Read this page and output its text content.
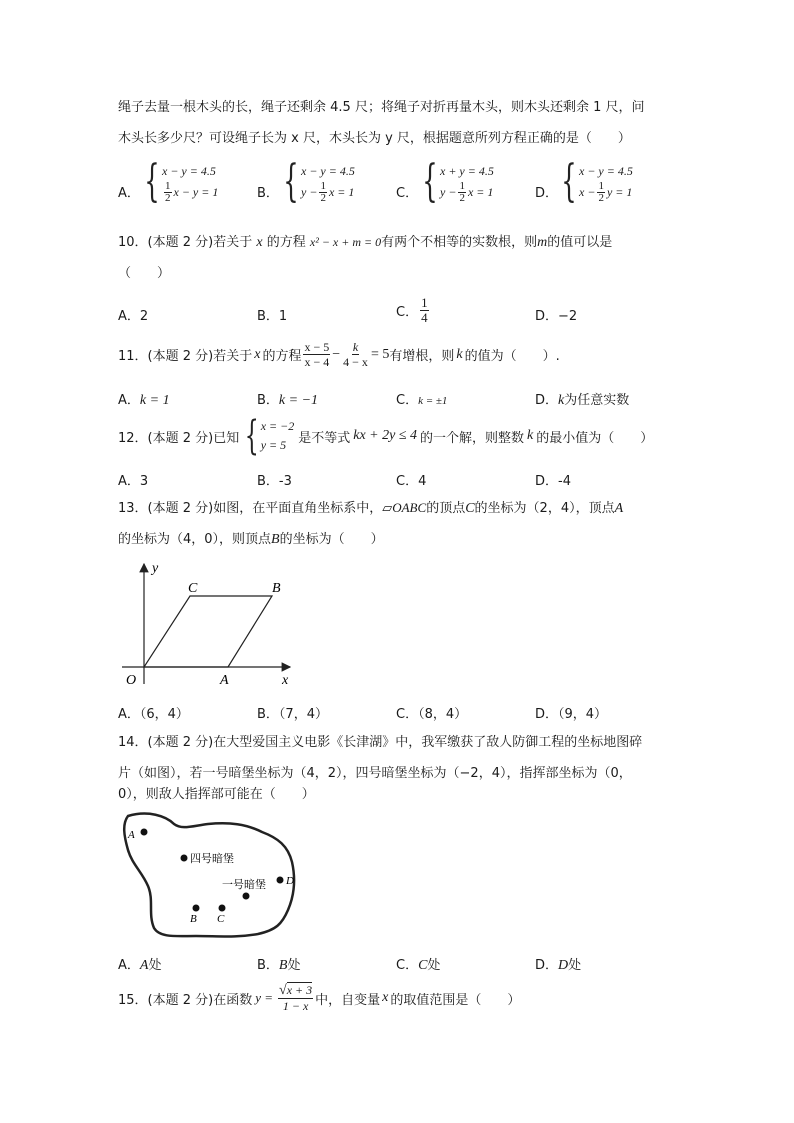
绳子去量一根木头的长，绳子还剩余 4.5 尺；将绳子对折再量木头，则木头还剩余 1 尺，问
木头长多少尺？可设绳子长为 x 尺，木头长为 y 尺，根据题意所列方程正确的是（　　）
A． { x − y = 4.5
$\frac{1}{2}$ x − y = 1	B． { x − y = 4.5
$y - \frac{1}{2}$ x = 1	C． { x + y = 4.5
$y - \frac{1}{2}$ x = 1	D． { x − y = 4.5
$x - \frac{1}{2}$ y = 1
10．(本题 2 分)若关于 x 的方程 x² − x + m = 0有两个不相等的实数根，则m的值可以是
（　　）
A．2	B．1	C． $\frac{1}{4}$	D．−2
11．(本题 2 分)若关于 x 的方程 $\frac{x - 5}{x - 4} - \frac{k}{4 - x} = 5$ 有增根，则 k 的值为（　　）.
A．k = 1	B．k = −1	C．k = ±1	D．k为任意实数
12．(本题 2 分)已知 { x = −2
y = 5 是不等式 kx + 2y ≤ 4 的一个解，则整数 k 的最小值为（　　）
A．3	B．-3	C．4	D．-4
13．(本题 2 分)如图，在平面直角坐标系中，▱OABC的顶点C的坐标为（2，4），顶点A
的坐标为（4，0），则顶点B的坐标为（　　）
y
x
O	A
B
C
A．（6，4）	B．（7，4）	C．（8，4）	D．（9，4）
14．(本题 2 分)在大型爱国主义电影《长津湖》中，我军缴获了敌人防御工程的坐标地图碎
片（如图），若一号暗堡坐标为（4，2），四号暗堡坐标为（−2，4），指挥部坐标为（0，
0），则敌人指挥部可能在（　　）
A
四号暗堡
一号暗堡 D
B C
A．A处	B．B处	C．C处	D．D处
15．(本题 2 分)在函数 $y = \frac{√ x + 3}{1 - x}$ 中，自变量 x 的取值范围是（　　）
